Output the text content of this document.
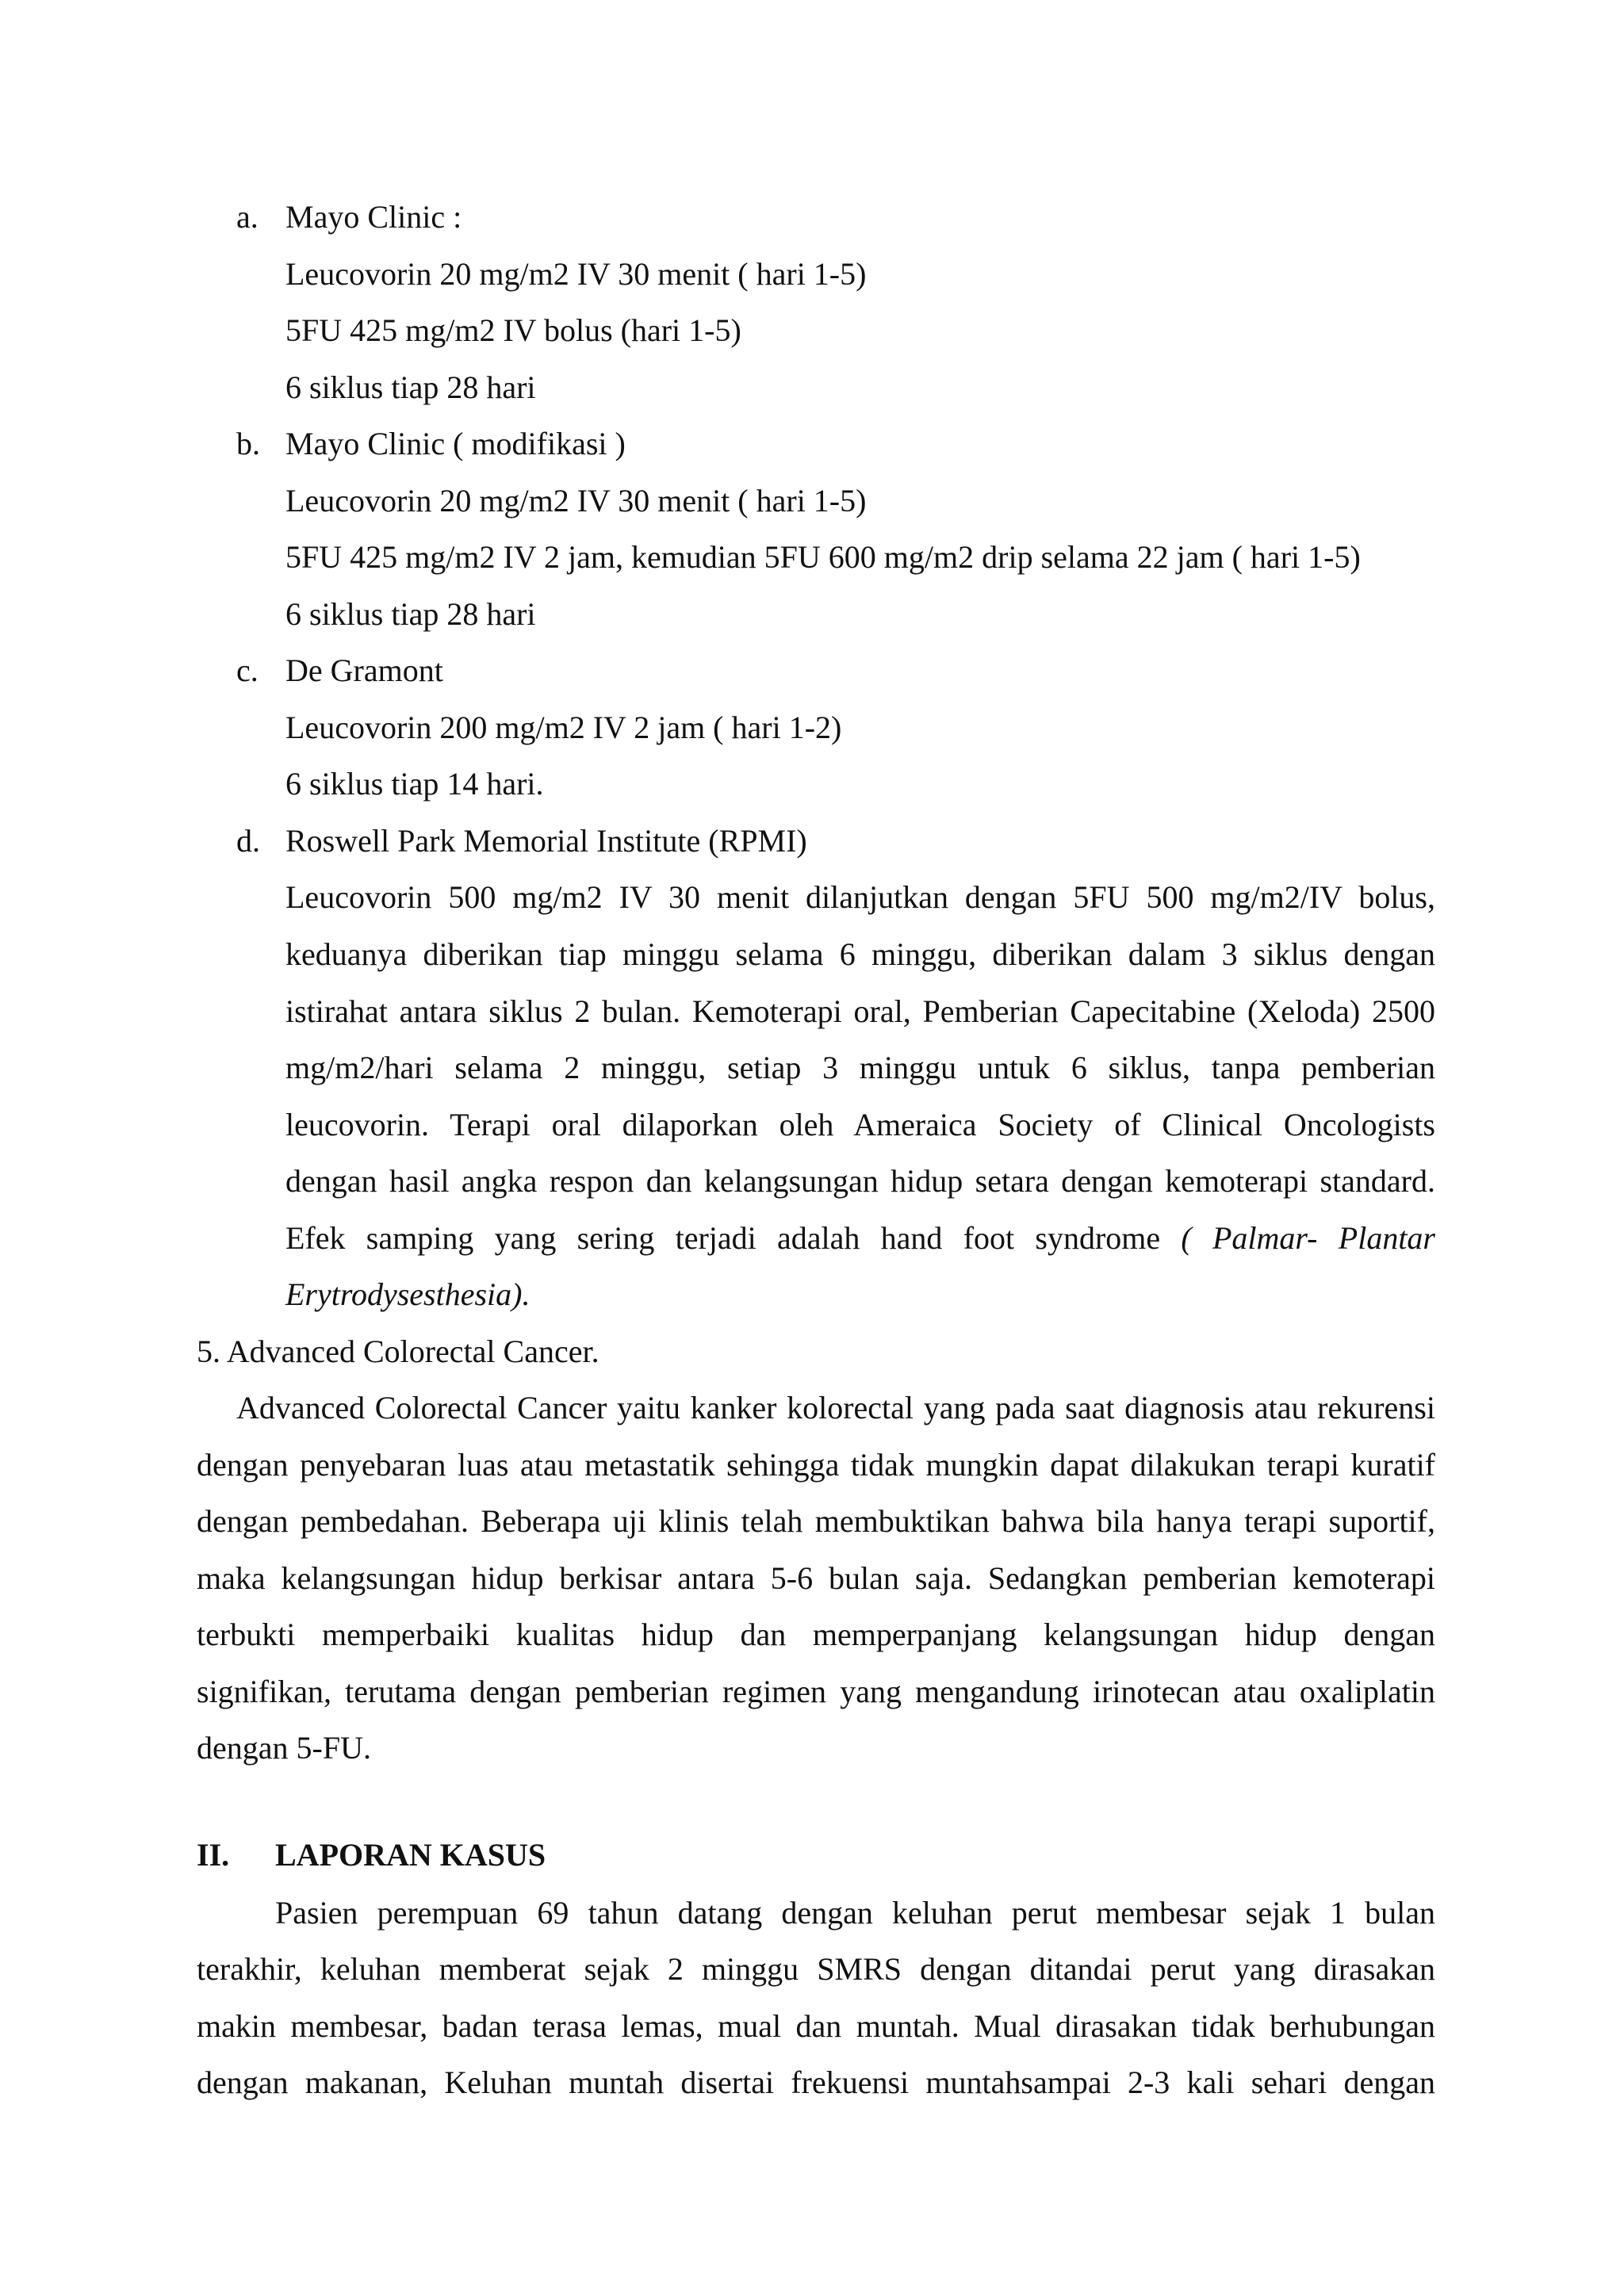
a. Mayo Clinic :
Leucovorin 20 mg/m2 IV 30 menit ( hari 1-5)
5FU 425 mg/m2 IV bolus (hari 1-5)
6 siklus tiap 28 hari
b. Mayo Clinic ( modifikasi )
Leucovorin 20 mg/m2 IV 30 menit ( hari 1-5)
5FU 425 mg/m2 IV 2 jam, kemudian 5FU 600 mg/m2 drip selama 22 jam ( hari 1-5)
6 siklus tiap 28 hari
c. De Gramont
Leucovorin 200 mg/m2 IV 2 jam ( hari 1-2)
6 siklus tiap 14 hari.
d. Roswell Park Memorial Institute (RPMI)
Leucovorin 500 mg/m2 IV 30 menit dilanjutkan dengan 5FU 500 mg/m2/IV bolus,
keduanya diberikan tiap minggu selama 6 minggu, diberikan dalam 3 siklus dengan
istirahat antara siklus 2 bulan. Kemoterapi oral, Pemberian Capecitabine (Xeloda) 2500
mg/m2/hari selama 2 minggu, setiap 3 minggu untuk 6 siklus, tanpa pemberian
leucovorin. Terapi oral dilaporkan oleh Ameraica Society of Clinical Oncologists
dengan hasil angka respon dan kelangsungan hidup setara dengan kemoterapi standard.
Efek samping yang sering terjadi adalah hand foot syndrome ( Palmar- Plantar
Erytrodysesthesia).
5. Advanced Colorectal Cancer.
Advanced Colorectal Cancer yaitu kanker kolorectal yang pada saat diagnosis atau rekurensi
dengan penyebaran luas atau metastatik sehingga tidak mungkin dapat dilakukan terapi kuratif
dengan pembedahan. Beberapa uji klinis telah membuktikan bahwa bila hanya terapi suportif,
maka kelangsungan hidup berkisar antara 5-6 bulan saja. Sedangkan pemberian kemoterapi
terbukti memperbaiki kualitas hidup dan memperpanjang kelangsungan hidup dengan
signifikan, terutama dengan pemberian regimen yang mengandung irinotecan atau oxaliplatin
dengan 5-FU.
II. LAPORAN KASUS
Pasien perempuan 69 tahun datang dengan keluhan perut membesar sejak 1 bulan
terakhir, keluhan memberat sejak 2 minggu SMRS dengan ditandai perut yang dirasakan
makin membesar, badan terasa lemas, mual dan muntah. Mual dirasakan tidak berhubungan
dengan makanan, Keluhan muntah disertai frekuensi muntahsampai 2-3 kali sehari dengan
